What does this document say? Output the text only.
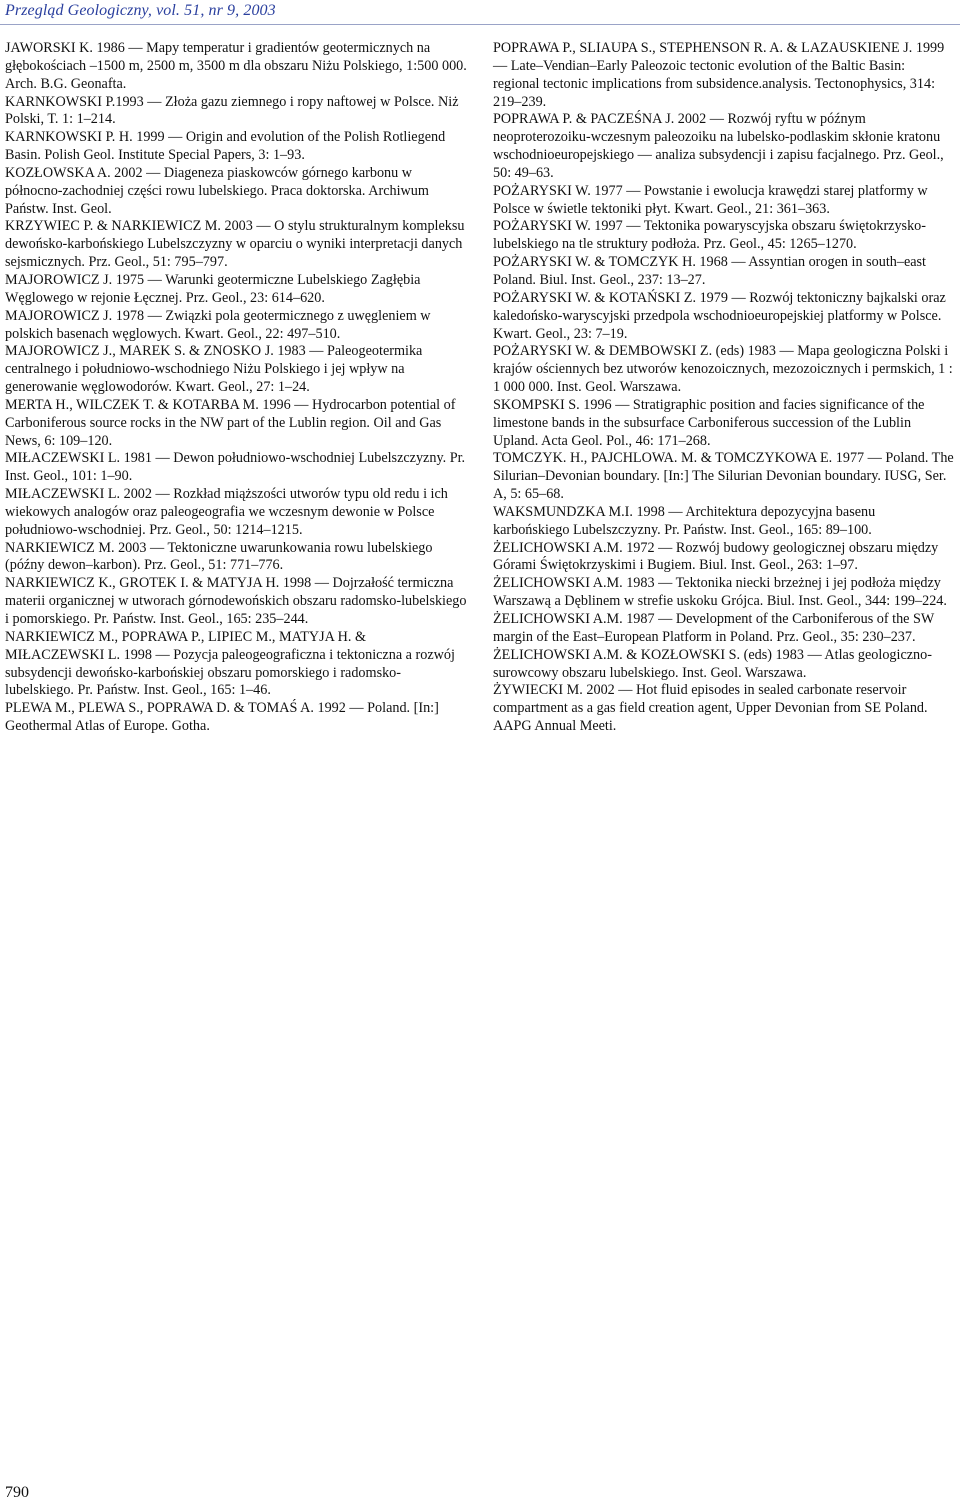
Przegląd Geologiczny, vol. 51, nr 9, 2003

JAWORSKI K. 1986 — Mapy temperatur i gradientów geotermicznych na głębokościach –1500 m, 2500 m, 3500 m dla obszaru Niżu Polskiego, 1:500 000. Arch. B.G. Geonafta.

KARNKOWSKI P.1993 — Złoża gazu ziemnego i ropy naftowej w Polsce. Niż Polski, T. 1: 1–214.

KARNKOWSKI P. H. 1999 — Origin and evolution of the Polish Rotliegend Basin. Polish Geol. Institute Special Papers, 3: 1–93.

KOZŁOWSKA A. 2002 — Diageneza piaskowców górnego karbonu w północno-zachodniej części rowu lubelskiego. Praca doktorska. Archiwum Państw. Inst. Geol.

KRZYWIEC P. & NARKIEWICZ M. 2003 — O stylu strukturalnym kompleksu dewońsko-karbońskiego Lubelszczyzny w oparciu o wyniki interpretacji danych sejsmicznych. Prz. Geol., 51: 795–797.

MAJOROWICZ J. 1975 — Warunki geotermiczne Lubelskiego Zagłębia Węglowego w rejonie Łęcznej. Prz. Geol., 23: 614–620.

MAJOROWICZ J. 1978 — Związki pola geotermicznego z uwęgleniem w polskich basenach węglowych. Kwart. Geol., 22: 497–510.

MAJOROWICZ J., MAREK S. & ZNOSKO J. 1983 — Paleogeotermika centralnego i południowo-wschodniego Niżu Polskiego i jej wpływ na generowanie węglowodorów. Kwart. Geol., 27: 1–24.

MERTA H., WILCZEK T. & KOTARBA M. 1996 — Hydrocarbon potential of Carboniferous source rocks in the NW part of the Lublin region. Oil and Gas News, 6: 109–120.

MIŁACZEWSKI L. 1981 — Dewon południowo-wschodniej Lubelszczyzny. Pr. Inst. Geol., 101: 1–90.

MIŁACZEWSKI L. 2002 — Rozkład miąższości utworów typu old redu i ich wiekowych analogów oraz paleogeografia we wczesnym dewonie w Polsce południowo-wschodniej. Prz. Geol., 50: 1214–1215.

NARKIEWICZ M. 2003 — Tektoniczne uwarunkowania rowu lubelskiego (późny dewon–karbon). Prz. Geol., 51: 771–776.

NARKIEWICZ K., GROTEK I. & MATYJA H. 1998 — Dojrzałość termiczna materii organicznej w utworach górnodewońskich obszaru radomsko-lubelskiego i pomorskiego. Pr. Państw. Inst. Geol., 165: 235–244.

NARKIEWICZ M., POPRAWA P., LIPIEC M., MATYJA H. & MIŁACZEWSKI L. 1998 — Pozycja paleogeograficzna i tektoniczna a rozwój subsydencji dewońsko-karbońskiej obszaru pomorskiego i radomsko-lubelskiego. Pr. Państw. Inst. Geol., 165: 1–46.

PLEWA M., PLEWA S., POPRAWA D. & TOMAŚ A. 1992 — Poland. [In:] Geothermal Atlas of Europe. Gotha.

POPRAWA P., SLIAUPA S., STEPHENSON R. A. & LAZAUSKIENE J. 1999 — Late–Vendian–Early Paleozoic tectonic evolution of the Baltic Basin: regional tectonic implications from subsidence.analysis. Tectonophysics, 314: 219–239.

POPRAWA P. & PACZEŚNA J. 2002 — Rozwój ryftu w późnym neoproterozoiku-wczesnym paleozoiku na lubelsko-podlaskim skłonie kratonu wschodnioeuropejskiego — analiza subsydencji i zapisu facjalnego. Prz. Geol., 50: 49–63.

POŻARYSKI W. 1977 — Powstanie i ewolucja krawędzi starej platformy w Polsce w świetle tektoniki płyt. Kwart. Geol., 21: 361–363.

POŻARYSKI W. 1997 — Tektonika powaryscyjska obszaru świętokrzysko-lubelskiego na tle struktury podłoża. Prz. Geol., 45: 1265–1270.

POŻARYSKI W. & TOMCZYK H. 1968 — Assyntian orogen in south–east Poland. Biul. Inst. Geol., 237: 13–27.

POŻARYSKI W. & KOTAŃSKI Z. 1979 — Rozwój tektoniczny bajkalski oraz kaledońsko-waryscyjski przedpola wschodnioeuropejskiej platformy w Polsce. Kwart. Geol., 23: 7–19.

POŻARYSKI W. & DEMBOWSKI Z. (eds) 1983 — Mapa geologiczna Polski i krajów ościennych bez utworów kenozoicznych, mezozoicznych i permskich, 1 : 1 000 000. Inst. Geol. Warszawa.

SKOMPSKI S. 1996 — Stratigraphic position and facies significance of the limestone bands in the subsurface Carboniferous succession of the Lublin Upland. Acta Geol. Pol., 46: 171–268.

TOMCZYK. H., PAJCHLOWA. M. & TOMCZYKOWA E. 1977 — Poland. The Silurian–Devonian boundary. [In:] The Silurian Devonian boundary. IUSG, Ser. A, 5: 65–68.

WAKSMUNDZKA M.I. 1998 — Architektura depozycyjna basenu karbońskiego Lubelszczyzny. Pr. Państw. Inst. Geol., 165: 89–100.

ŻELICHOWSKI A.M. 1972 — Rozwój budowy geologicznej obszaru między Górami Świętokrzyskimi i Bugiem. Biul. Inst. Geol., 263: 1–97.

ŻELICHOWSKI A.M. 1983 — Tektonika niecki brzeżnej i jej podłoża między Warszawą a Dęblinem w strefie uskoku Grójca. Biul. Inst. Geol., 344: 199–224.

ŻELICHOWSKI A.M. 1987 — Development of the Carboniferous of the SW margin of the East–European Platform in Poland. Prz. Geol., 35: 230–237.

ŻELICHOWSKI A.M. & KOZŁOWSKI S. (eds) 1983 — Atlas geologiczno-surowcowy obszaru lubelskiego. Inst. Geol. Warszawa.

ŻYWIECKI M. 2002 — Hot fluid episodes in sealed carbonate reservoir compartment as a gas field creation agent, Upper Devonian from SE Poland. AAPG Annual Meeti.

790
